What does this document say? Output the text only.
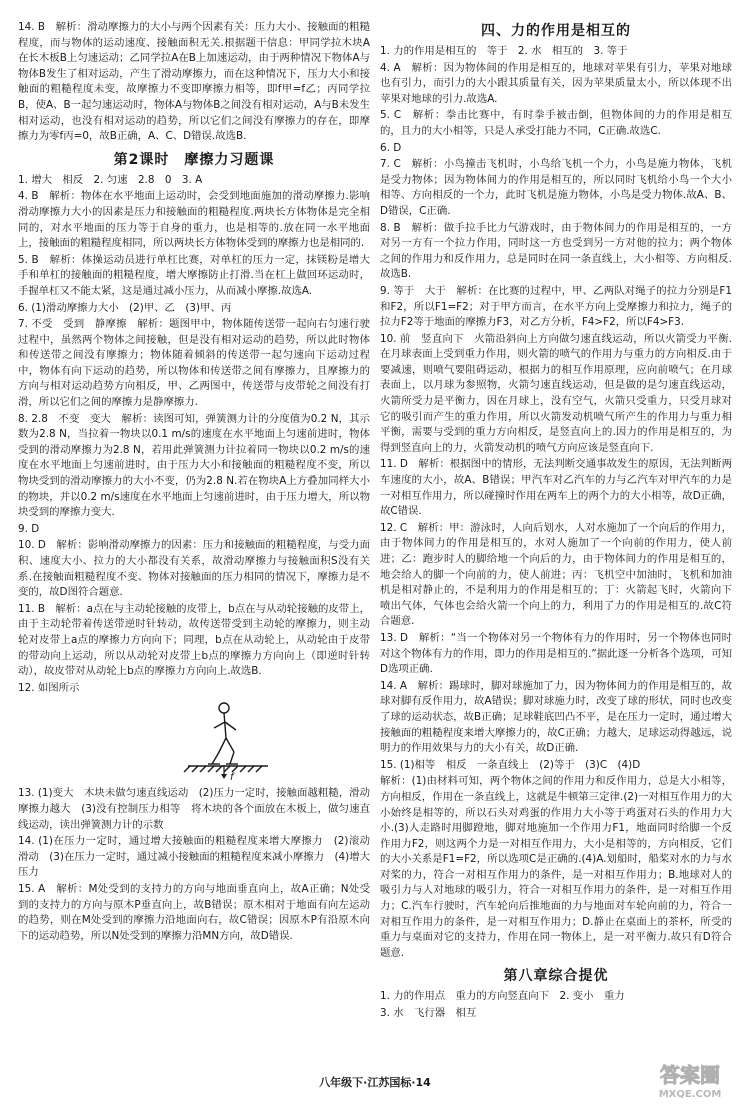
14. B　解析：滑动摩擦力的大小与两个因素有关：压力大小、接触面的粗糙程度，而与物体的运动速度、接触面积无关.根据题干信息：甲同学拉木块A在长木板B上匀速运动；乙同学拉A在B上加速运动，由于两种情况下物体A与物体B发生了相对运动，产生了滑动摩擦力，而在这种情况下，压力大小和接触面的粗糙程度未变，故摩擦力不变即摩擦力相等，即f甲=f乙；丙同学拉B，使A、B一起匀速运动时，物体A与物体B之间没有相对运动，A与B未发生相对运动，也没有相对运动的趋势，所以它们之间没有摩擦力的存在，即摩擦力为零f丙=0，故B正确，A、C、D错误.故选B.

第2课时　摩擦力习题课

1. 增大　相反　2. 匀速　2.8　0　3. A

4. B　解析：物体在水平地面上运动时，会受到地面施加的滑动摩擦力.影响滑动摩擦力大小的因素是压力和接触面的粗糙程度.两块长方体物体是完全相同的，对水平地面的压力等于自身的重力，也是相等的.放在同一水平地面上，接触面的粗糙程度相同，所以两块长方体物体受到的摩擦力也是相同的.

5. B　解析：体操运动员进行单杠比赛，对单杠的压力一定，抹镁粉是增大手和单杠的接触面的粗糙程度，增大摩擦防止打滑.当在杠上做回环运动时，手握单杠又不能太紧，这是通过减小压力，从而减小摩擦.故选A.

6. (1)滑动摩擦力大小　(2)甲、乙　(3)甲、丙

7. 不受　受到　静摩擦　解析：题图甲中，物体随传送带一起向右匀速行驶过程中，虽然两个物体之间接触，但是没有相对运动的趋势，所以此时物体和传送带之间没有摩擦力；物体随着倾斜的传送带一起匀速向下运动过程中，物体有向下运动的趋势，所以物体和传送带之间有摩擦力，且摩擦力的方向与相对运动趋势方向相反，甲、乙两图中，传送带与皮带轮之间没有打滑，所以它们之间的摩擦力是静摩擦力.

8. 2.8　不变　变大　解析：读图可知，弹簧测力计的分度值为0.2 N，其示数为2.8 N，当拉着一物块以0.1 m/s的速度在水平地面上匀速前进时，物体受到的滑动摩擦力为2.8 N，若用此弹簧测力计拉着同一物块以0.2 m/s的速度在水平地面上匀速前进时，由于压力大小和接触面的粗糙程度不变，所以物块受到的滑动摩擦力的大小不变，仍为2.8 N.若在物块A上方叠加同样大小的物块，并以0.2 m/s速度在水平地面上匀速前进时，由于压力增大，所以物块受到的摩擦力变大.

9. D

10. D　解析：影响滑动摩擦力的因素：压力和接触面的粗糙程度，与受力面积、速度大小、拉力的大小都没有关系，故滑动摩擦力与接触面积S没有关系.在接触面粗糙程度不变、物体对接触面的压力相同的情况下，摩擦力是不变的，故D图符合题意.

11. B　解析：a点在与主动轮接触的皮带上，b点在与从动轮接触的皮带上，由于主动轮带着传送带逆时针转动，故传送带受到主动轮的摩擦力，则主动轮对皮带上a点的摩擦力方向向下；同理，b点在从动轮上，从动轮由于皮带的带动向上运动，所以从动轮对皮带上b点的摩擦力方向向上（即逆时针转动），故皮带对从动轮上b点的摩擦力方向向上.故选B.

12. 如图所示

f

13. (1)变大　木块未做匀速直线运动　(2)压力一定时，接触面越粗糙，滑动摩擦力越大　(3)没有控制压力相等　将木块的各个面放在木板上，做匀速直线运动，读出弹簧测力计的示数

14. (1)在压力一定时，通过增大接触面的粗糙程度来增大摩擦力　(2)滚动　滑动　(3)在压力一定时，通过减小接触面的粗糙程度来减小摩擦力　(4)增大压力

15. A　解析：M处受到的支持力的方向与地面垂直向上，故A正确；N处受到的支持力的方向与原木P垂直向上，故B错误；原木相对于地面有向左运动的趋势，则在M处受到的摩擦力沿地面向右，故C错误；因原木P有沿原木向下的运动趋势，所以N处受到的摩擦力沿MN方向，故D错误.

四、力的作用是相互的

1. 力的作用是相互的　等于　2. 水　相互的　3. 等于

4. A　解析：因为物体间的作用是相互的，地球对苹果有引力，苹果对地球也有引力，而引力的大小跟其质量有关，因为苹果质量太小，所以体现不出苹果对地球的引力.故选A.

5. C　解析：拳击比赛中，有时拳手被击倒，但物体间的力的作用是相互的，且力的大小相等，只是人承受打能力不同，C正确.故选C.

6. D

7. C　解析：小鸟撞击飞机时，小鸟给飞机一个力，小鸟是施力物体，飞机是受力物体；因为物体间力的作用是相互的，所以同时飞机给小鸟一个大小相等、方向相反的一个力，此时飞机是施力物体，小鸟是受力物体.故A、B、D错误，C正确.

8. B　解析：做手拉手比力气游戏时，由于物体间力的作用是相互的，一方对另一方有一个拉力作用，同时这一方也受到另一方对他的拉力；两个物体之间的作用力和反作用力，总是同时在同一条直线上，大小相等、方向相反.故选B.

9. 等于　大于　解析：在比赛的过程中，甲、乙两队对绳子的拉力分别是F1和F2，所以F1=F2；对于甲方而言，在水平方向上受摩擦力和拉力，绳子的拉力F2等于地面的摩擦力F3，对乙方分析，F4>F2，所以F4>F3.

10. 前　竖直向下　火箭沿斜向上方向做匀速直线运动，所以火箭受力平衡.在月球表面上受到重力作用，则火箭的喷气的作用力与重力的方向相反.由于要减速，则喷气要阻碍运动，根据力的相互作用原理，应向前喷气；在月球表面上，以月球为参照物，火箭匀速直线运动，但是做的是匀速直线运动，火箭所受力是平衡力，因在月球上，没有空气，火箭只受重力，只受月球对它的吸引而产生的重力作用，所以火箭发动机喷气所产生的作用力与重力相平衡，需要与受到的重力方向相反，是竖直向上的.因力的作用是相互的，为得到竖直向上的力，火箭发动机的喷气方向应该是竖直向下.

11. D　解析：根据图中的情形，无法判断交通事故发生的原因，无法判断两车速度的大小，故A、B错误；甲汽车对乙汽车的力与乙汽车对甲汽车的力是一对相互作用力，所以碰撞时作用在两车上的两个力的大小相等，故D正确，故C错误.

12. C　解析：甲：游泳时，人向后划水，人对水施加了一个向后的作用力，由于物体间力的作用是相互的，水对人施加了一个向前的作用力，使人前进；乙：跑步时人的脚给地一个向后的力，由于物体间力的作用是相互的，地会给人的脚一个向前的力，使人前进；丙：飞机空中加油时，飞机和加油机是相对静止的，不是利用力的作用是相互的；丁：火箭起飞时，火箭向下喷出气体，气体也会给火箭一个向上的力，利用了力的作用是相互的.故C符合题意.

13. D　解析：“当一个物体对另一个物体有力的作用时，另一个物体也同时对这个物体有力的作用，即力的作用是相互的.”据此逐一分析各个选项，可知D选项正确.

14. A　解析：踢球时，脚对球施加了力，因为物体间力的作用是相互的，故球对脚有反作用力，故A错误；脚对球施力时，改变了球的形状，同时也改变了球的运动状态，故B正确；足球鞋底凹凸不平，是在压力一定时，通过增大接触面的粗糙程度来增大摩擦力的，故C正确；力越大，足球运动得越远，说明力的作用效果与力的大小有关，故D正确.

15. (1)相等　相反　一条直线上　(2)等于　(3)C　(4)D

解析：(1)由材料可知，两个物体之间的作用力和反作用力，总是大小相等，方向相反，作用在一条直线上，这就是牛顿第三定律.(2)一对相互作用力的大小始终是相等的，所以石头对鸡蛋的作用力大小等于鸡蛋对石头的作用力大小.(3)人走路时用脚蹬地，脚对地施加一个作用力F1，地面同时给脚一个反作用力F2，则这两个力是一对相互作用力，大小是相等的，方向相反，它们的大小关系是F1=F2，所以选项C是正确的.(4)A.划船时，船桨对水的力与水对桨的力，符合一对相互作用力的条件，是一对相互作用力；B.地球对人的吸引力与人对地球的吸引力，符合一对相互作用力的条件，是一对相互作用力；C.汽车行驶时，汽车轮向后推地面的力与地面对车轮向前的力，符合一对相互作用力的条件，是一对相互作用力；D.静止在桌面上的茶杯，所受的重力与桌面对它的支持力，作用在同一物体上，是一对平衡力.故只有D符合题意.

第八章综合提优

1. 力的作用点　重力的方向竖直向下　2. 变小　重力

3. 水　飞行器　相互

八年级下·江苏国标·14	答案圈
MXQE.COM
